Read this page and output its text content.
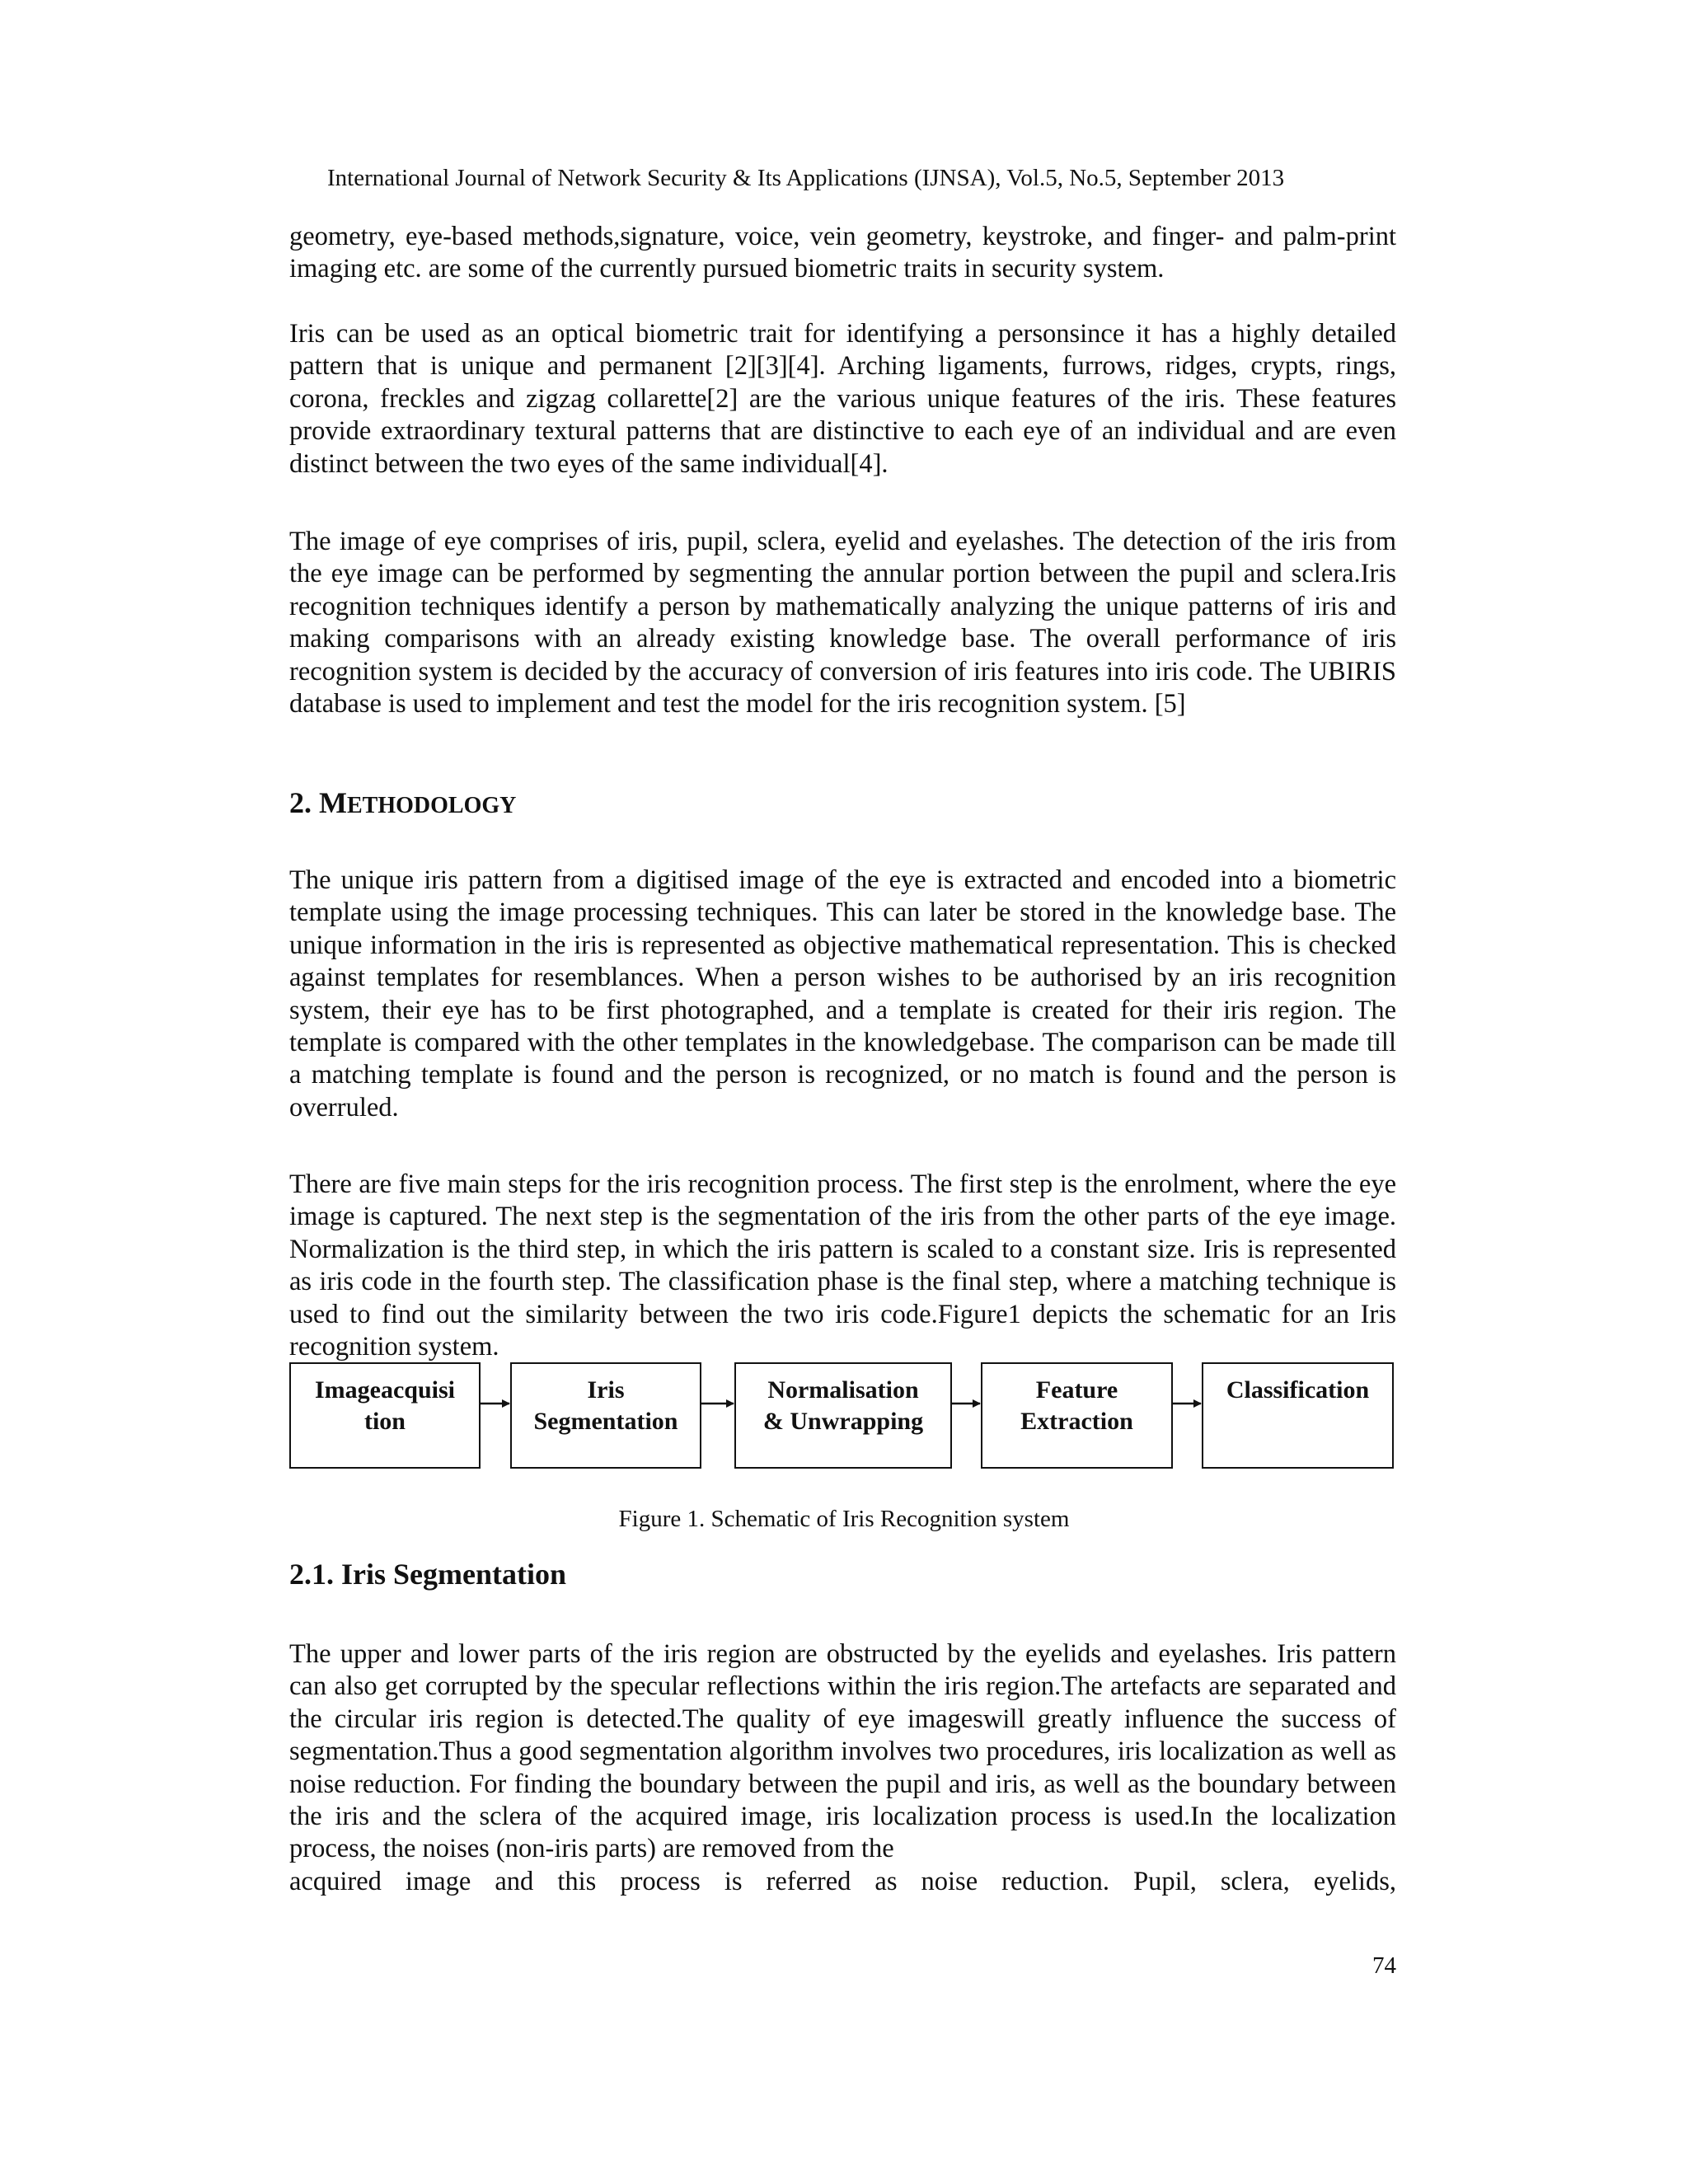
International Journal of Network Security & Its Applications (IJNSA), Vol.5, No.5, September 2013

geometry, eye-based methods,signature, voice, vein geometry, keystroke, and finger- and palm-print imaging etc. are some of the currently pursued biometric traits in security system.

Iris can be used as an optical biometric trait for identifying a personsince it has a highly detailed pattern that is unique and permanent [2][3][4]. Arching ligaments, furrows, ridges, crypts, rings, corona, freckles and zigzag collarette[2] are the various unique features of the iris. These features provide extraordinary textural patterns that are distinctive to each eye of an individual and are even distinct between the two eyes of the same individual[4].

The image of eye comprises of iris, pupil, sclera, eyelid and eyelashes. The detection of the iris from the eye image can be performed by segmenting the annular portion between the pupil and sclera.Iris recognition techniques identify a person by mathematically analyzing the unique patterns of iris and making comparisons with an already existing knowledge base. The overall performance of iris recognition system is decided by the accuracy of conversion of iris features into iris code. The UBIRIS database is used to implement and test the model for the iris recognition system. [5]

2. METHODOLOGY

The unique iris pattern from a digitised image of the eye is extracted and encoded into a biometric template using the image processing techniques. This can later be stored in the knowledge base. The unique information in the iris is represented as objective mathematical representation. This is checked against templates for resemblances. When a person wishes to be authorised by an iris recognition system, their eye has to be first photographed, and a template is created for their iris region. The template is compared with the other templates in the knowledgebase. The comparison can be made till a matching template is found and the person is recognized, or no match is found and the person is overruled.

There are five main steps for the iris recognition process. The first step is the enrolment, where the eye image is captured. The next step is the segmentation of the iris from the other parts of the eye image. Normalization is the third step, in which the iris pattern is scaled to a constant size. Iris is represented as iris code in the fourth step. The classification phase is the final step, where a matching technique is used to find out the similarity between the two iris code.Figure1 depicts the schematic for an Iris recognition system.

Imageacquisi
tion
Iris
Segmentation
Normalisation
& Unwrapping
Feature
Extraction
Classification
Figure 1. Schematic of Iris Recognition system
2.1. Iris Segmentation

The upper and lower parts of the iris region are obstructed by the eyelids and eyelashes. Iris pattern can also get corrupted by the specular reflections within the iris region.The artefacts are separated and the circular iris region is detected.The quality of eye imageswill greatly influence the success of segmentation.Thus a good segmentation algorithm involves two procedures, iris localization as well as noise reduction. For finding the boundary between the pupil and iris, as well as the boundary between the iris and the sclera of the acquired image, iris localization process is used.In the localization process, the noises (non-iris parts) are removed from the
acquired image and this process is referred as noise reduction. Pupil, sclera, eyelids,

74
